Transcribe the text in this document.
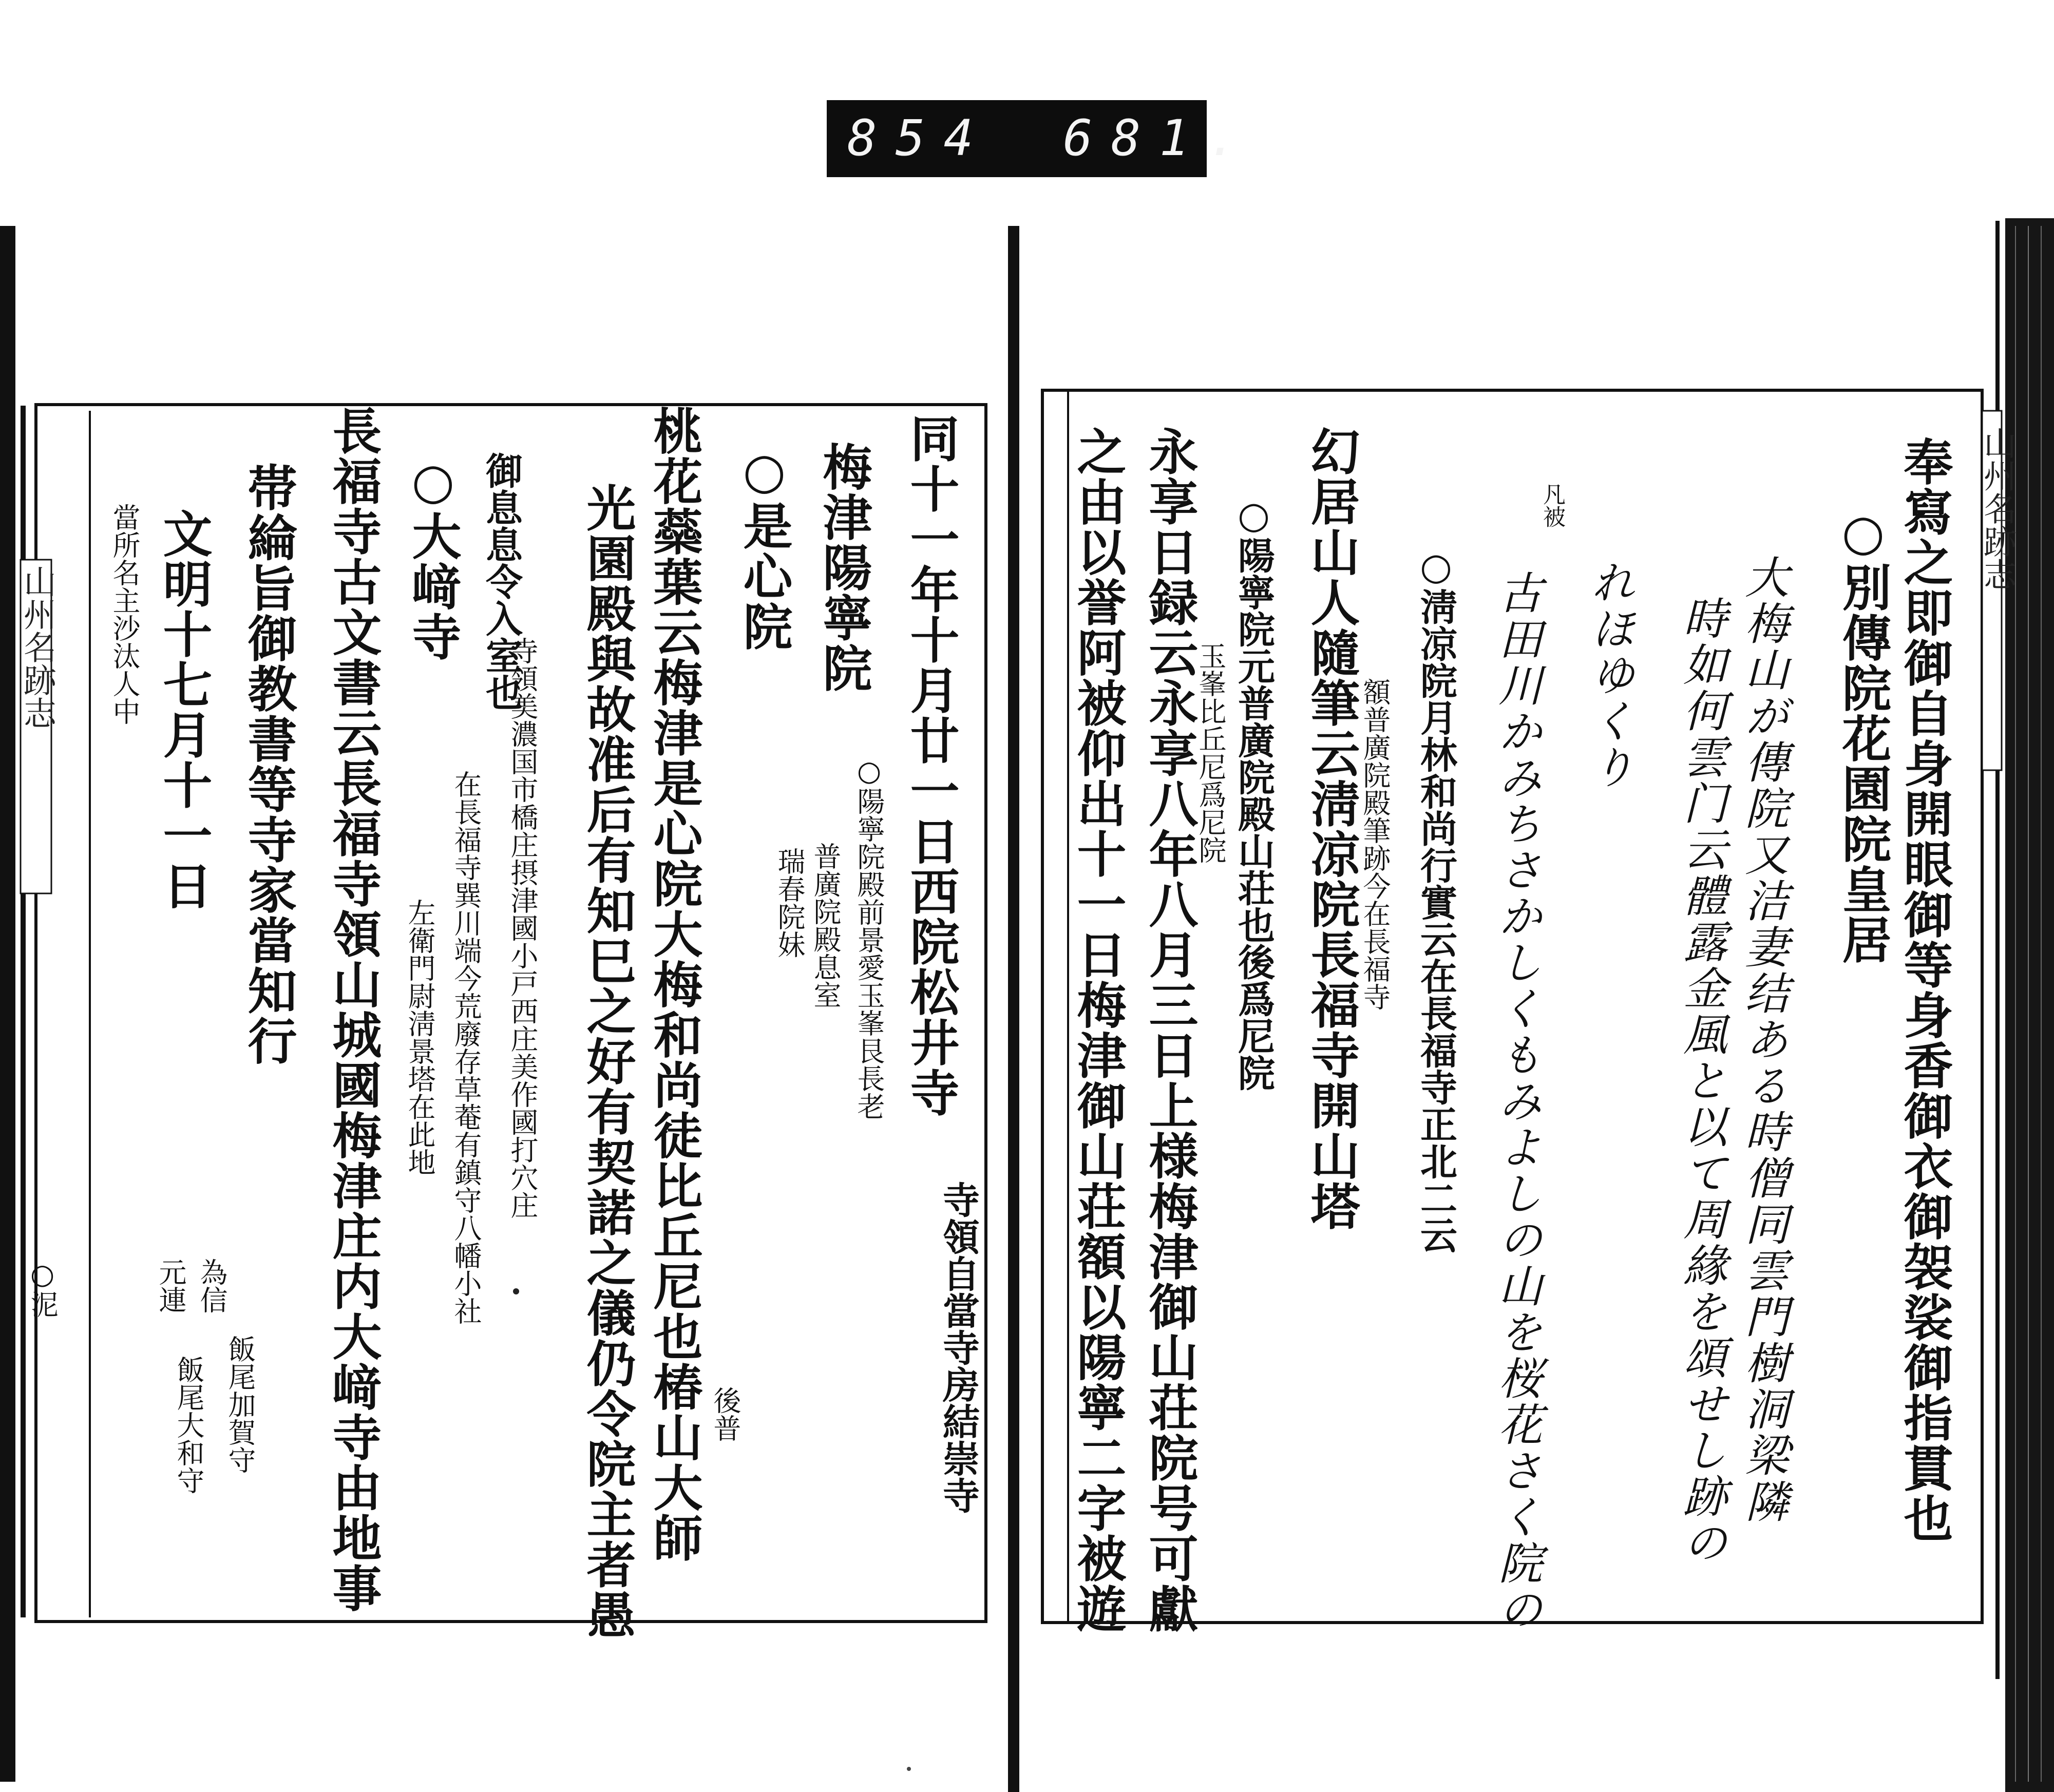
854 681.
山州名跡志
奉寫之即御自身開眼御等身香御衣御袈裟御指貫也
○別傳院花園院皇居
大梅山が傳院又洁妻结ある時僧同雲門樹洞梁隣
時如何雲门云體露金風と以て周緣を頌せし跡の
れほゆくり
凡被
古田川かみちさかしくもみよしの山を桜花さく院の
○淸凉院月林和尚行實云在長福寺正北二云
額普廣院殿筆跡今在長福寺
幻居山人隨筆云淸凉院長福寺開山塔
○陽寧院元普廣院殿山荘也後爲尼院
玉峯比丘尼爲尼院
永享日録云永享八年八月三日上様梅津御山荘院号可獻
之由以誉阿被仰出十一日梅津御山荘額以陽寧二字被遊
同十一年十月廿一日西院松井寺
寺領自當寺房結崇寺
梅津陽寧院
○陽寧院殿前景愛玉峯艮長老
普廣院殿息室
瑞春院妹
○是心院
桃花蘂葉云梅津是心院大梅和尚徒比丘尼也椿山大師 後普
光園殿與故准后有知巳之好有契諾之儀仍令院主者愚
御息息令入室也
寺領美濃国市橋庄摂津國小戸西庄美作國打穴庄
○大﨑寺
在長福寺巽川端今荒廢存草菴有鎮守八幡小社
左衛門尉淸景塔在此地
長福寺古文書云長福寺領山城國梅津庄内大﨑寺由地事
帯綸旨御教書等寺家當知行
文明十七月十一日
當所名主沙汰人中
為信
飯尾加賀守
元連
飯尾大和守
山州名跡志
○泥
